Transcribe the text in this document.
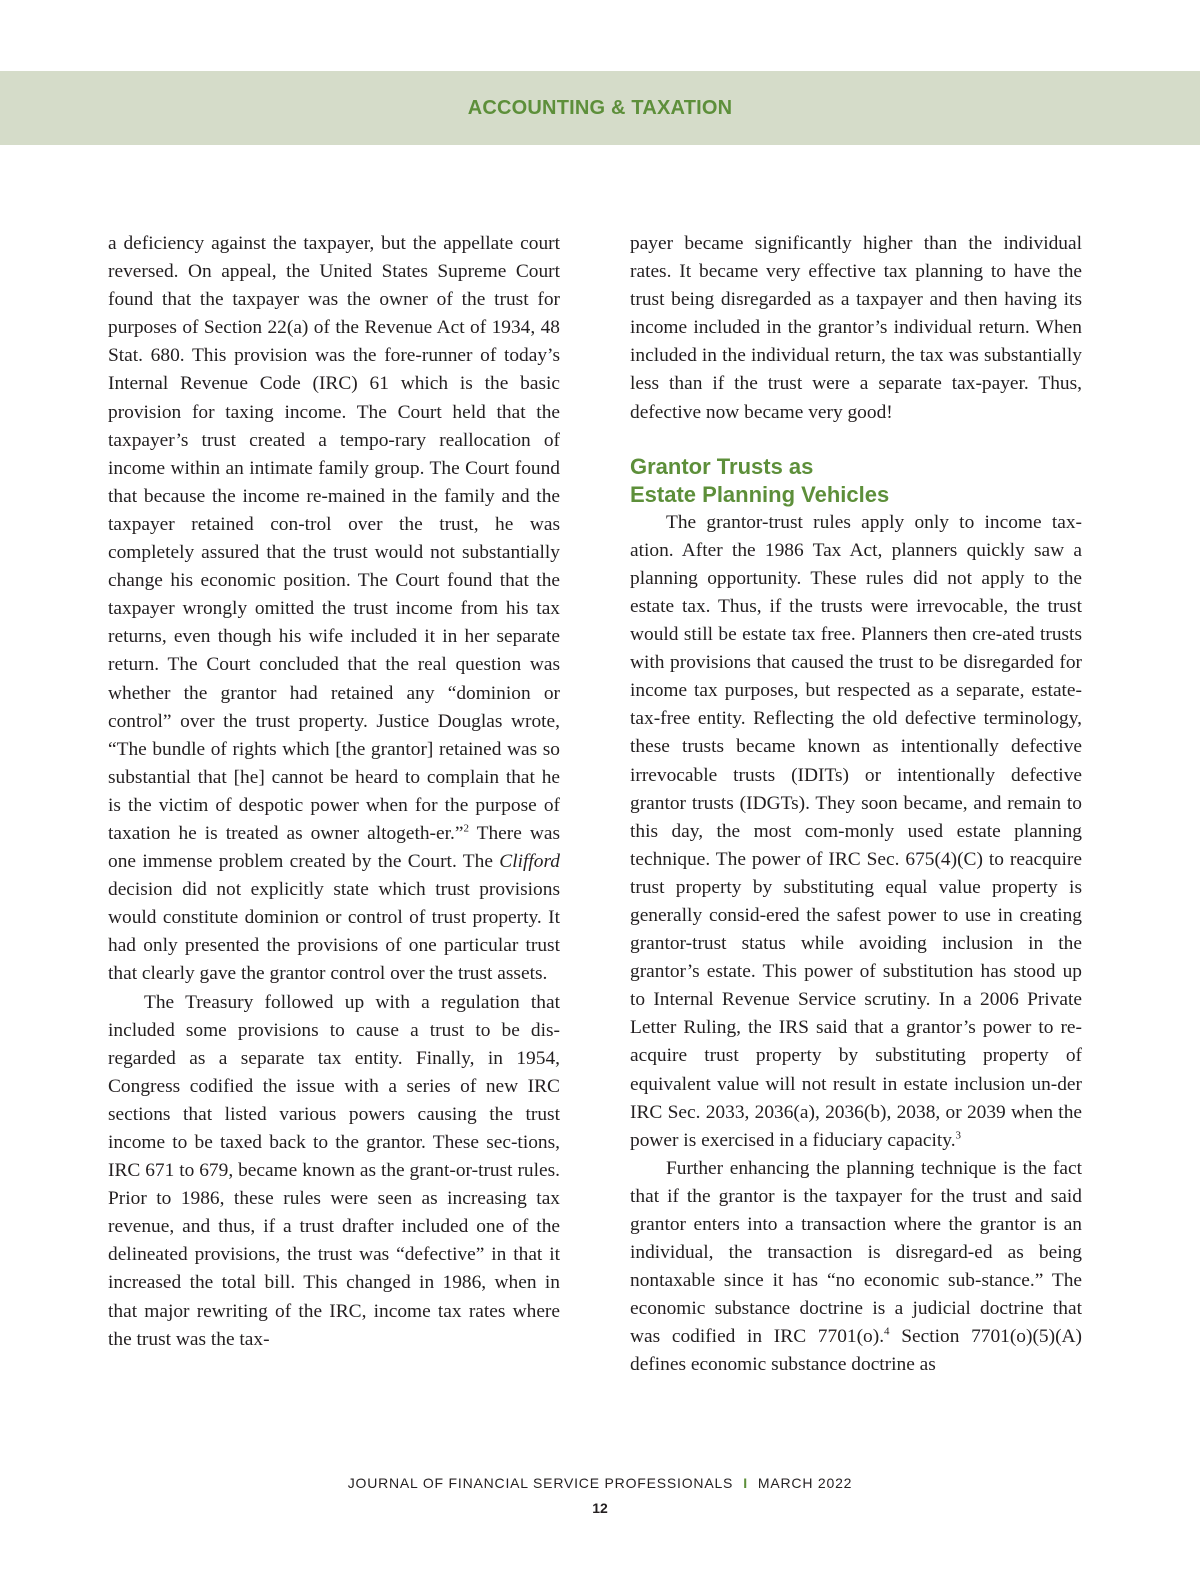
ACCOUNTING & TAXATION

a deficiency against the taxpayer, but the appellate court reversed. On appeal, the United States Supreme Court found that the taxpayer was the owner of the trust for purposes of Section 22(a) of the Revenue Act of 1934, 48 Stat. 680. This provision was the fore-runner of today’s Internal Revenue Code (IRC) 61 which is the basic provision for taxing income. The Court held that the taxpayer’s trust created a tempo-rary reallocation of income within an intimate family group. The Court found that because the income re-mained in the family and the taxpayer retained con-trol over the trust, he was completely assured that the trust would not substantially change his economic position. The Court found that the taxpayer wrongly omitted the trust income from his tax returns, even though his wife included it in her separate return. The Court concluded that the real question was whether the grantor had retained any “dominion or control” over the trust property. Justice Douglas wrote, “The bundle of rights which [the grantor] retained was so substantial that [he] cannot be heard to complain that he is the victim of despotic power when for the purpose of taxation he is treated as owner altogeth-er.”$^2$ There was one immense problem created by the Court. The Clifford decision did not explicitly state which trust provisions would constitute dominion or control of trust property. It had only presented the provisions of one particular trust that clearly gave the grantor control over the trust assets.

The Treasury followed up with a regulation that included some provisions to cause a trust to be dis-regarded as a separate tax entity. Finally, in 1954, Congress codified the issue with a series of new IRC sections that listed various powers causing the trust income to be taxed back to the grantor. These sec-tions, IRC 671 to 679, became known as the grant-or-trust rules. Prior to 1986, these rules were seen as increasing tax revenue, and thus, if a trust drafter included one of the delineated provisions, the trust was “defective” in that it increased the total bill. This changed in 1986, when in that major rewriting of the IRC, income tax rates where the trust was the tax-

payer became significantly higher than the individual rates. It became very effective tax planning to have the trust being disregarded as a taxpayer and then having its income included in the grantor’s individual return. When included in the individual return, the tax was substantially less than if the trust were a separate tax-payer. Thus, defective now became very good!

Grantor Trusts as
Estate Planning Vehicles

The grantor-trust rules apply only to income tax-ation. After the 1986 Tax Act, planners quickly saw a planning opportunity. These rules did not apply to the estate tax. Thus, if the trusts were irrevocable, the trust would still be estate tax free. Planners then cre-ated trusts with provisions that caused the trust to be disregarded for income tax purposes, but respected as a separate, estate-tax-free entity. Reflecting the old defective terminology, these trusts became known as intentionally defective irrevocable trusts (IDITs) or intentionally defective grantor trusts (IDGTs). They soon became, and remain to this day, the most com-monly used estate planning technique. The power of IRC Sec. 675(4)(C) to reacquire trust property by substituting equal value property is generally consid-ered the safest power to use in creating grantor-trust status while avoiding inclusion in the grantor’s estate. This power of substitution has stood up to Internal Revenue Service scrutiny. In a 2006 Private Letter Ruling, the IRS said that a grantor’s power to re-acquire trust property by substituting property of equivalent value will not result in estate inclusion un-der IRC Sec. 2033, 2036(a), 2036(b), 2038, or 2039 when the power is exercised in a fiduciary capacity.$^3$

Further enhancing the planning technique is the fact that if the grantor is the taxpayer for the trust and said grantor enters into a transaction where the grantor is an individual, the transaction is disregard-ed as being nontaxable since it has “no economic sub-stance.” The economic substance doctrine is a judicial doctrine that was codified in IRC 7701(o).$^4$ Section 7701(o)(5)(A) defines economic substance doctrine as

JOURNAL OF FINANCIAL SERVICE PROFESSIONALS I MARCH 2022
12
